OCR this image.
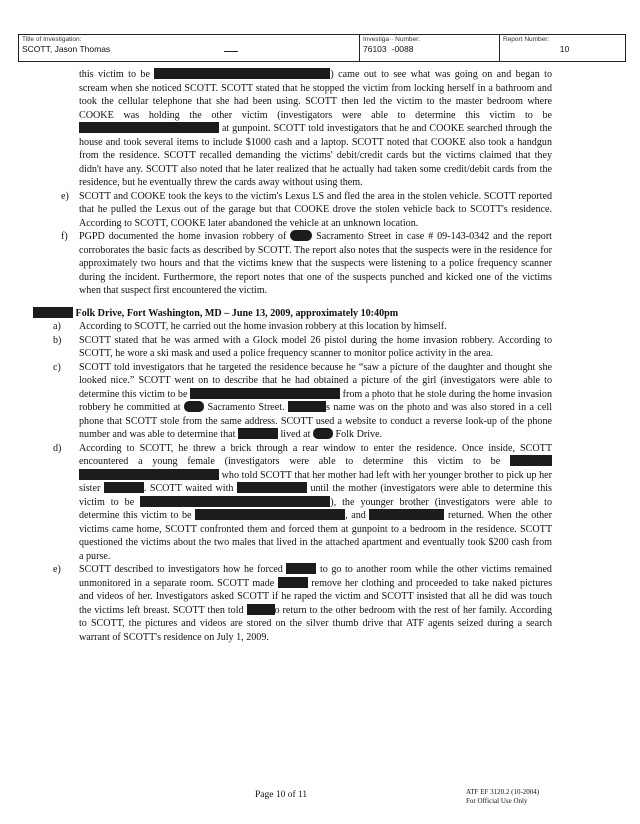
Title of Investigation:
SCOTT, Jason Thomas
Investiga·· Number:
76103   -0088
Report Number:
10

this victim to be	) came out to see what was going on and began to scream when she noticed SCOTT. SCOTT stated that he stopped the victim from locking herself in a bathroom and took the cellular telephone that she had been using. SCOTT then led the victim to the master bedroom where COOKE was holding the other victim (investigators were able to determine this victim to be  at gunpoint. SCOTT told investigators that he and COOKE searched through the house and took several items to include $1000 cash and a laptop. SCOTT noted that COOKE also took a handgun from the residence. SCOTT recalled demanding the victims' debit/credit cards but the victims claimed that they didn't have any. SCOTT also noted that he later realized that he actually had taken some credit/debit cards from the residence, but he eventually threw the cards away without using them.

e) SCOTT and COOKE took the keys to the victim's Lexus LS and fled the area in the stolen vehicle. SCOTT reported that he pulled the Lexus out of the garage but that COOKE drove the stolen vehicle back to SCOTT's residence. According to SCOTT, COOKE later abandoned the vehicle at an unknown location.
f) PGPD documented the home invasion robbery of	Sacramento Street in case # 09-143-0342 and the report corroborates the basic facts as described by SCOTT. The report also notes that the suspects were in the residence for approximately two hours and that the victims knew that the suspects were listening to a police frequency scanner during the incident. Furthermore, the report notes that one of the suspects punched and kicked one of the victims when that suspect first encountered the victim.
Folk Drive, Fort Washington, MD – June 13, 2009, approximately 10:40pm
a) According to SCOTT, he carried out the home invasion robbery at this location by himself.
b) SCOTT stated that he was armed with a Glock model 26 pistol during the home invasion robbery. According to SCOTT, he wore a ski mask and used a police frequency scanner to monitor police activity in the area.
c) SCOTT told investigators that he targeted the residence because he “saw a picture of the daughter and thought she looked nice.” SCOTT went on to describe that he had obtained a picture of the girl (investigators were able to determine this victim to be	from a photo that he stole during the home invasion robbery he committed at	Sacramento Street.	s name was on the photo and was also stored in a cell phone that SCOTT stole from the same address. SCOTT used a website to conduct a reverse look-up of the phone number and was able to determine that	lived at Folk Drive.
d) According to SCOTT, he threw a brick through a rear window to enter the residence. Once inside, SCOTT encountered a young female (investigators were able to determine this victim to be   who told SCOTT that her mother had left with her younger brother to pick up her sister	. SCOTT waited with	until the mother (investigators were able to determine this victim to be	), the younger brother (investigators were able to determine this victim to be	, and	returned. When the other victims came home, SCOTT confronted them and forced them at gunpoint to a bedroom in the residence. SCOTT questioned the victims about the two males that lived in the attached apartment and eventually took $200 cash from a purse.
e) SCOTT described to investigators how he forced	to go to another room while the other victims remained unmonitored in a separate room. SCOTT made	remove her clothing and proceeded to take naked pictures and videos of her. Investigators asked SCOTT if he raped the victim and SCOTT insisted that all he did was touch the victims left breast. SCOTT then told	o return to the other bedroom with the rest of her family. According to SCOTT, the pictures and videos are stored on the silver thumb drive that ATF agents seized during a search warrant of SCOTT's residence on July 1, 2009.
Page 10 of 11	ATF EF 3120.2 (10-2004)
For Official Use Only
